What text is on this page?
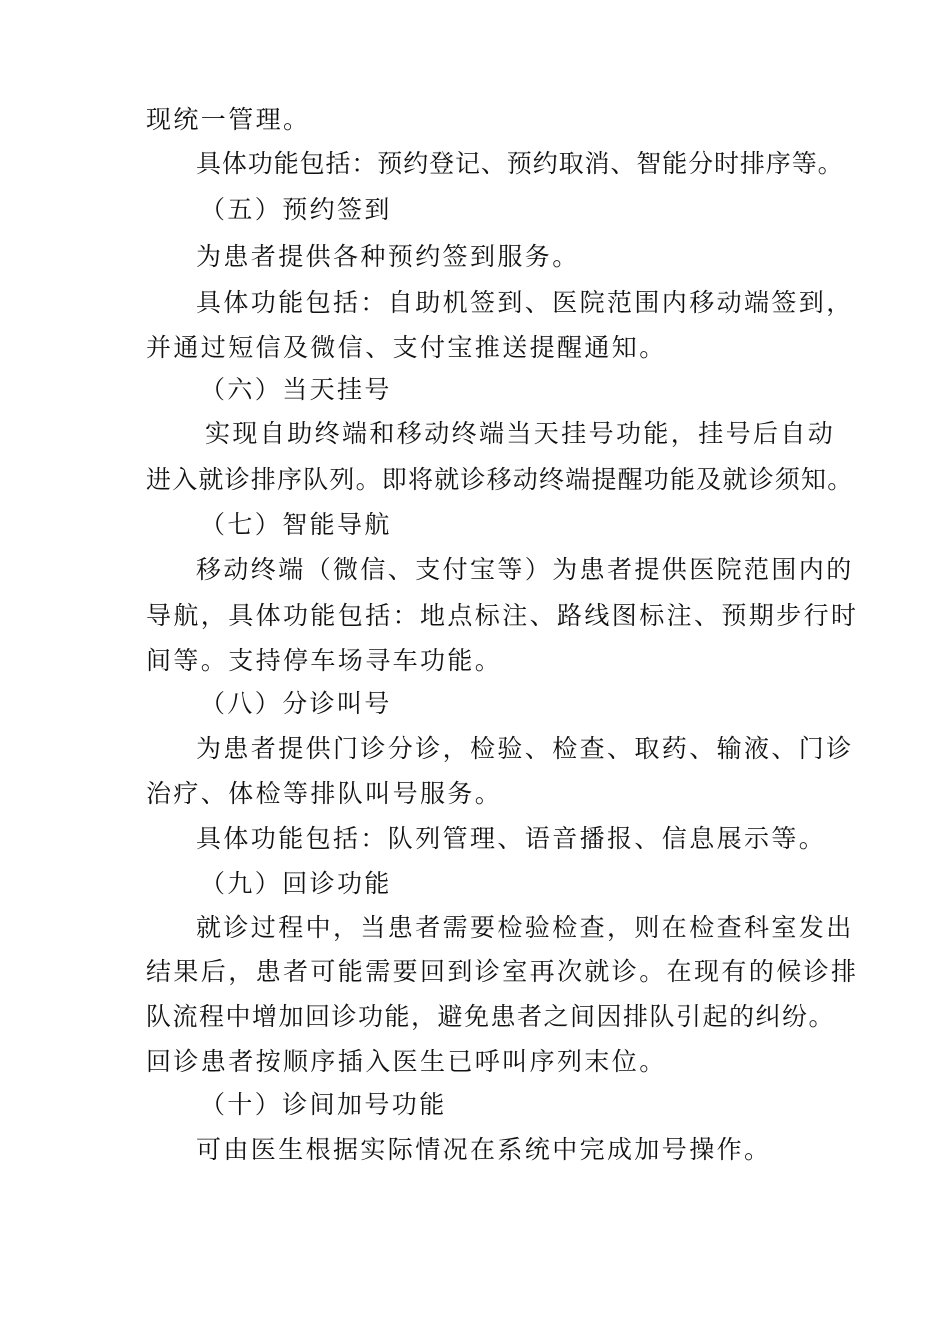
现统一管理。
具体功能包括：预约登记、预约取消、智能分时排序等。
（五）预约签到
为患者提供各种预约签到服务。
具体功能包括：自助机签到、医院范围内移动端签到，
并通过短信及微信、支付宝推送提醒通知。
（六）当天挂号
实现自助终端和移动终端当天挂号功能，挂号后自动
进入就诊排序队列。即将就诊移动终端提醒功能及就诊须知。
（七）智能导航
移动终端（微信、支付宝等）为患者提供医院范围内的
导航，具体功能包括：地点标注、路线图标注、预期步行时
间等。支持停车场寻车功能。
（八）分诊叫号
为患者提供门诊分诊，检验、检查、取药、输液、门诊
治疗、体检等排队叫号服务。
具体功能包括：队列管理、语音播报、信息展示等。
（九）回诊功能
就诊过程中，当患者需要检验检查，则在检查科室发出
结果后，患者可能需要回到诊室再次就诊。在现有的候诊排
队流程中增加回诊功能，避免患者之间因排队引起的纠纷。
回诊患者按顺序插入医生已呼叫序列末位。
（十）诊间加号功能
可由医生根据实际情况在系统中完成加号操作。
